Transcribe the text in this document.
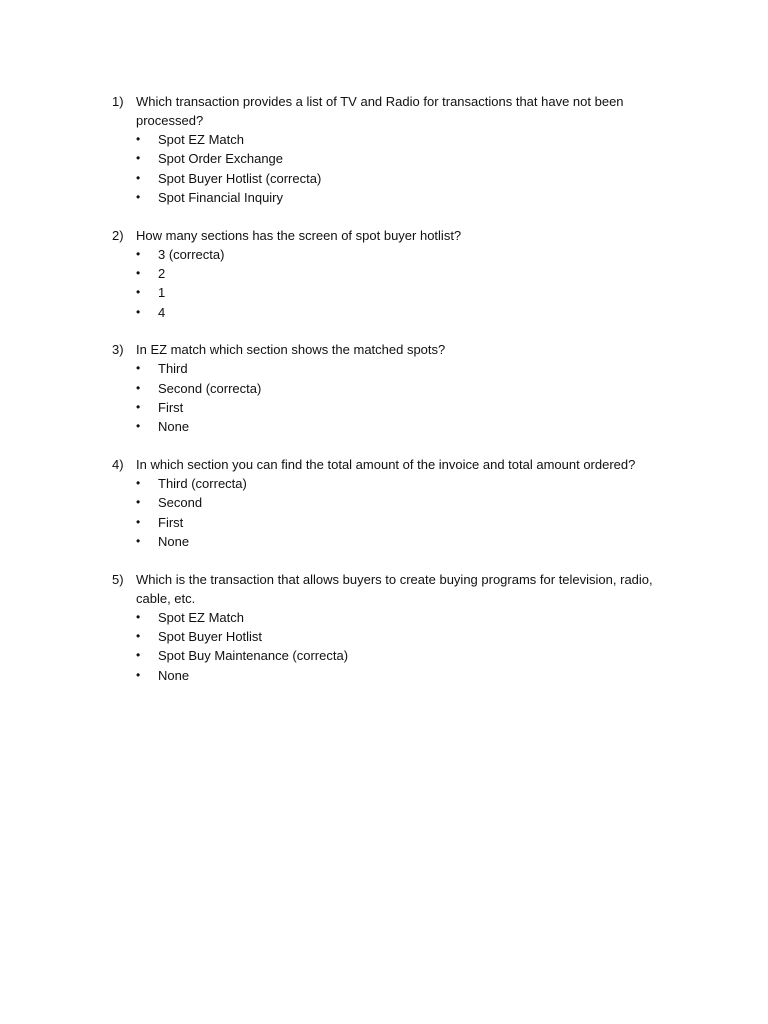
1) Which transaction provides a list of TV and Radio for transactions that have not been processed?
•	Spot EZ Match
•	Spot Order Exchange
•	Spot Buyer Hotlist (correcta)
•	Spot Financial Inquiry
2) How many sections has the screen of spot buyer hotlist?
•	3 (correcta)
•	2
•	1
•	4
3) In EZ match which section shows the matched spots?
•	Third
•	Second (correcta)
•	First
•	None
4) In which section you can find the total amount of the invoice and total amount ordered?
•	Third (correcta)
•	Second
•	First
•	None
5) Which is the transaction that allows buyers to create buying programs for television, radio, cable, etc.
•	Spot EZ Match
•	Spot Buyer Hotlist
•	Spot Buy Maintenance (correcta)
•	None
